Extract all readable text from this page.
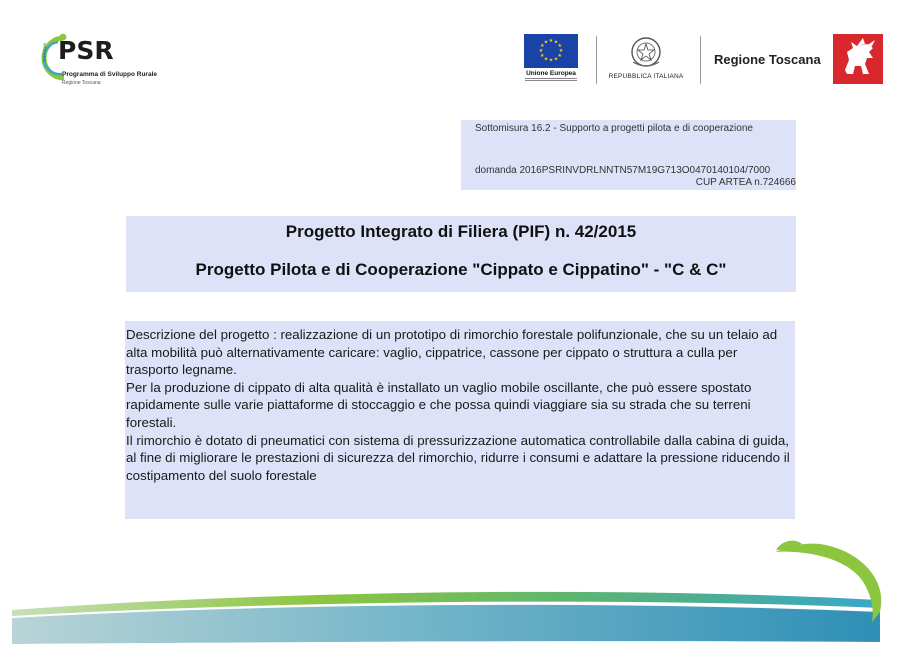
2014-2020 PSR
Programma di Sviluppo Rurale
Regione Toscana
★ ★
★
★
★
★
★
★
★
★
★
★
Unione Europea	REPUBBLICA ITALIANA
Regione Toscana
Sottomisura 16.2 - Supporto a progetti pilota e di cooperazione
domanda 2016PSRINVDRLNNTN57M19G713O0470140104/7000
CUP ARTEA n.724666
Progetto Integrato di Filiera (PIF) n. 42/2015
Progetto Pilota e di Cooperazione "Cippato e Cippatino" - "C & C"

Descrizione del progetto : realizzazione di un prototipo di rimorchio forestale polifunzionale, che su un telaio ad alta mobilità può alternativamente caricare: vaglio, cippatrice, cassone per cippato o struttura a culla per trasporto legname.

Per la produzione di cippato di alta qualità è installato un vaglio mobile oscillante, che può essere spostato rapidamente sulle varie piattaforme di stoccaggio e che possa quindi viaggiare sia su strada che su terreni forestali.

Il rimorchio è dotato di pneumatici con sistema di pressurizzazione automatica controllabile dalla cabina di guida, al fine di migliorare le prestazioni di sicurezza del rimorchio, ridurre i consumi e adattare la pressione riducendo il costipamento del suolo forestale
